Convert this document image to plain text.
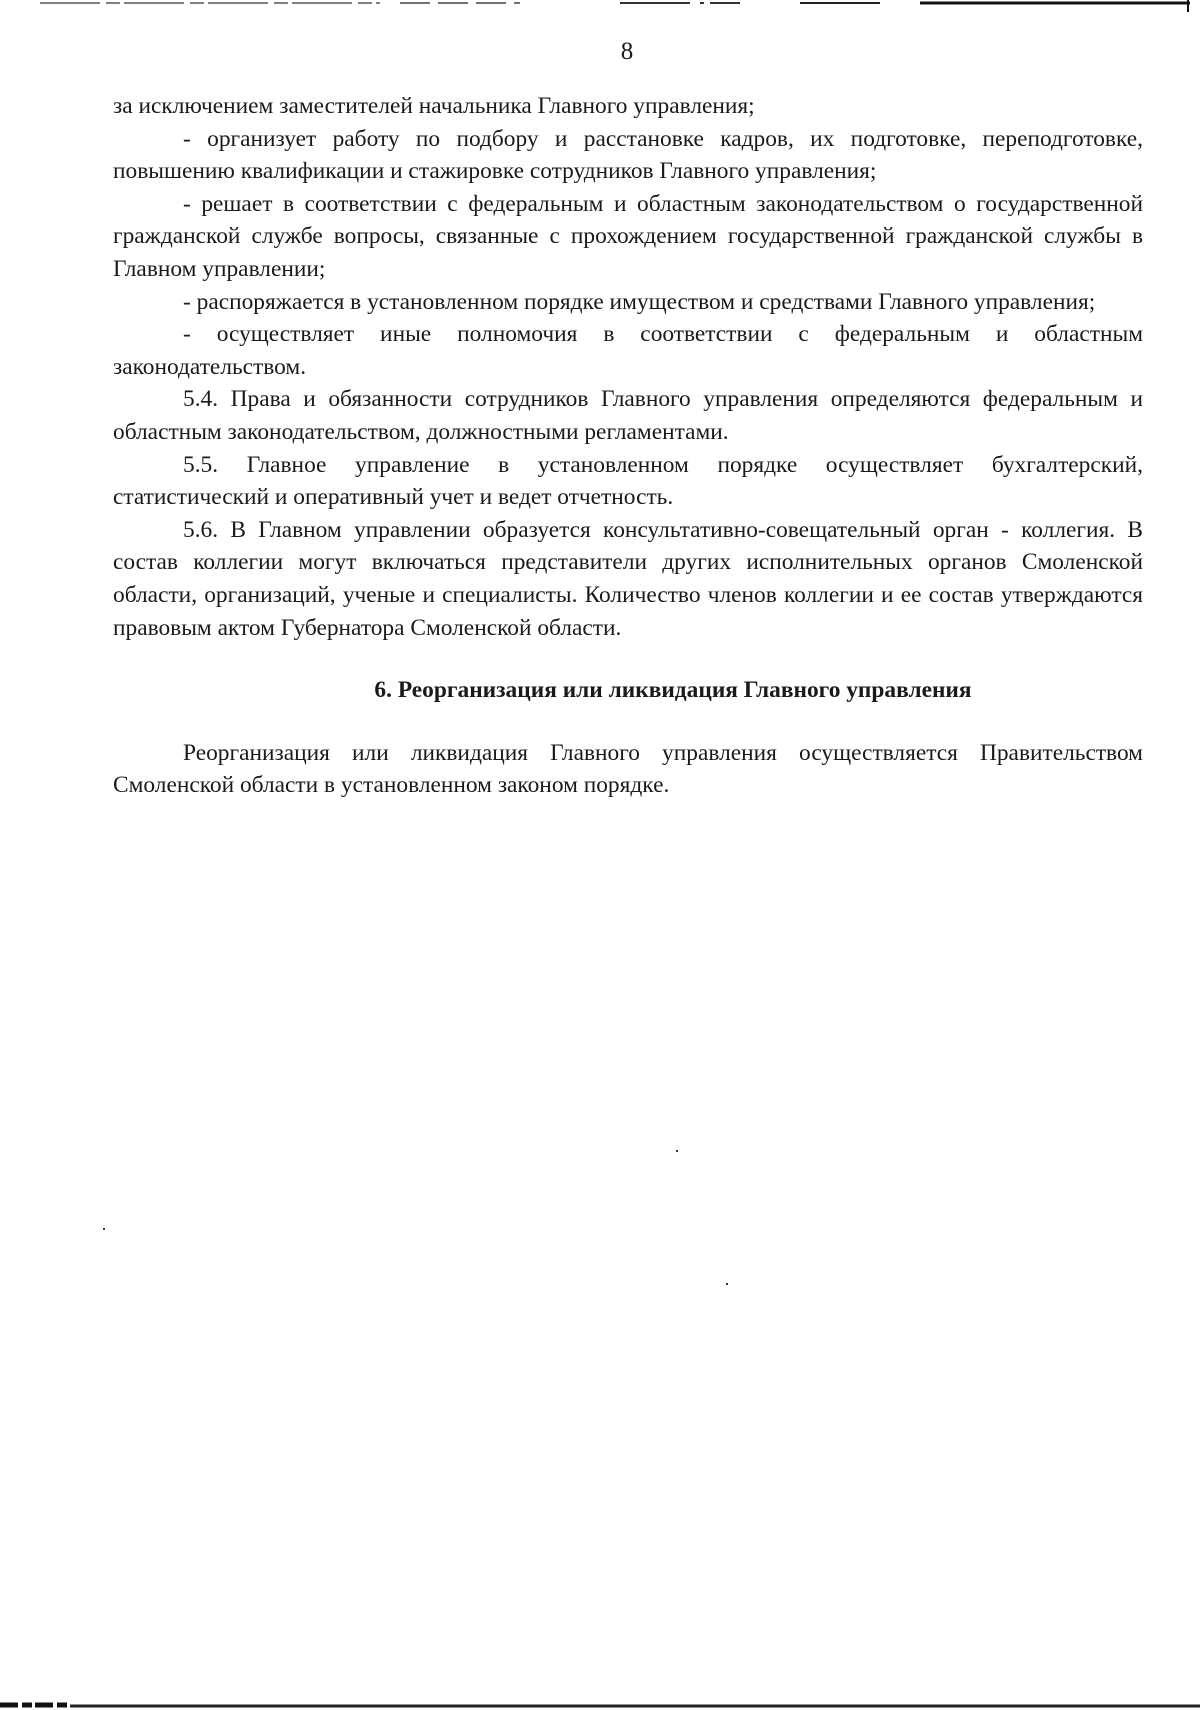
8

за исключением заместителей начальника Главного управления;

- организует работу по подбору и расстановке кадров, их подготовке, переподготовке, повышению квалификации и стажировке сотрудников Главного управления;

- решает в соответствии с федеральным и областным законодательством о государственной гражданской службе вопросы, связанные с прохождением государственной гражданской службы в Главном управлении;

- распоряжается в установленном порядке имуществом и средствами Главного управления;

- осуществляет иные полномочия в соответствии с федеральным и областным законодательством.

5.4. Права и обязанности сотрудников Главного управления определяются федеральным и областным законодательством, должностными регламентами.

5.5. Главное управление в установленном порядке осуществляет бухгалтерский, статистический и оперативный учет и ведет отчетность.

5.6. В Главном управлении образуется консультативно-совещательный орган - коллегия. В состав коллегии могут включаться представители других исполнительных органов Смоленской области, организаций, ученые и специалисты. Количество членов коллегии и ее состав утверждаются правовым актом Губернатора Смоленской области.

6. Реорганизация или ликвидация Главного управления

Реорганизация или ликвидация Главного управления осуществляется Правительством Смоленской области в установленном законом порядке.
